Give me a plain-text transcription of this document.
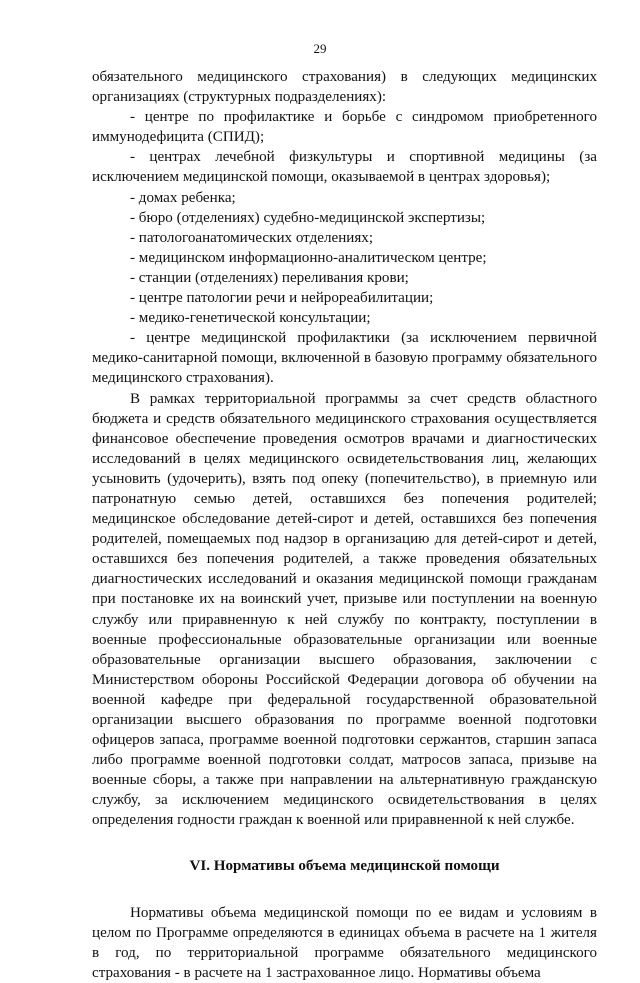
29

обязательного медицинского страхования) в следующих медицинских организациях (структурных подразделениях):

- центре по профилактике и борьбе с синдромом приобретенного иммунодефицита (СПИД);

- центрах лечебной физкультуры и спортивной медицины (за исключением медицинской помощи, оказываемой в центрах здоровья);

- домах ребенка;

- бюро (отделениях) судебно-медицинской экспертизы;

- патологоанатомических отделениях;

- медицинском информационно-аналитическом центре;

- станции (отделениях) переливания крови;

- центре патологии речи и нейрореабилитации;

- медико-генетической консультации;

- центре медицинской профилактики (за исключением первичной медико-санитарной помощи, включенной в базовую программу обязательного медицинского страхования).

В рамках территориальной программы за счет средств областного бюджета и средств обязательного медицинского страхования осуществляется финансовое обеспечение проведения осмотров врачами и диагностических исследований в целях медицинского освидетельствования лиц, желающих усыновить (удочерить), взять под опеку (попечительство), в приемную или патронатную семью детей, оставшихся без попечения родителей; медицинское обследование детей-сирот и детей, оставшихся без попечения родителей, помещаемых под надзор в организацию для детей-сирот и детей, оставшихся без попечения родителей, а также проведения обязательных диагностических исследований и оказания медицинской помощи гражданам при постановке их на воинский учет, призыве или поступлении на военную службу или приравненную к ней службу по контракту, поступлении в военные профессиональные образовательные организации или военные образовательные организации высшего образования, заключении с Министерством обороны Российской Федерации договора об обучении на военной кафедре при федеральной государственной образовательной организации высшего образования по программе военной подготовки офицеров запаса, программе военной подготовки сержантов, старшин запаса либо программе военной подготовки солдат, матросов запаса, призыве на военные сборы, а также при направлении на альтернативную гражданскую службу, за исключением медицинского освидетельствования в целях определения годности граждан к военной или приравненной к ней службе.

VI. Нормативы объема медицинской помощи

Нормативы объема медицинской помощи по ее видам и условиям в целом по Программе определяются в единицах объема в расчете на 1 жителя в год, по территориальной программе обязательного медицинского страхования - в расчете на 1 застрахованное лицо. Нормативы объема
